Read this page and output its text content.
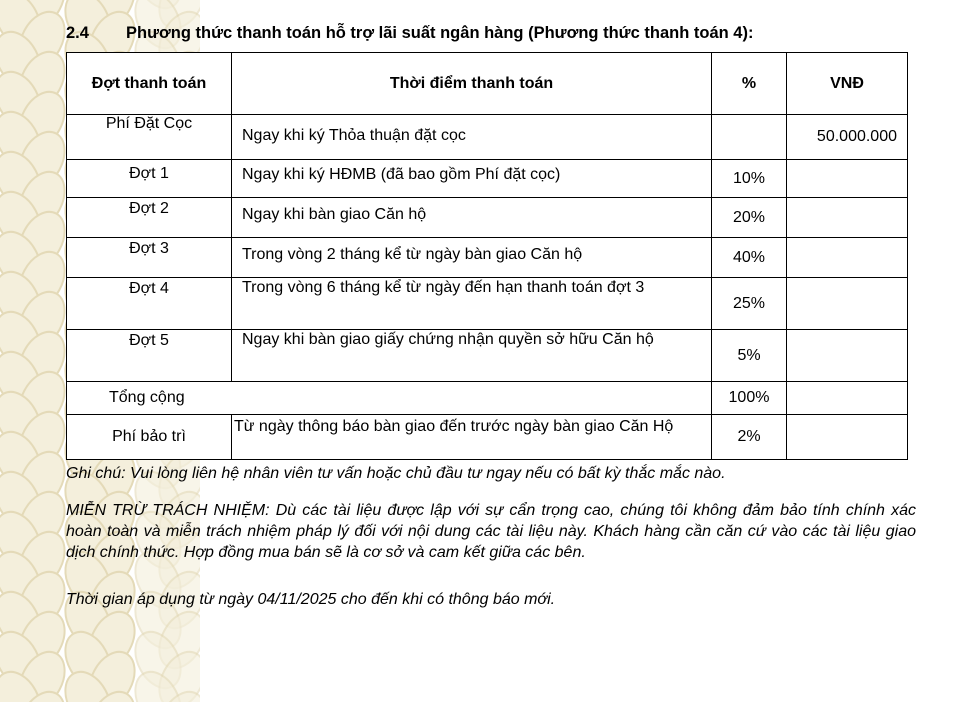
2.4 Phương thức thanh toán hỗ trợ lãi suất ngân hàng (Phương thức thanh toán 4):
Đợt thanh toán	Thời điểm thanh toán	%	VNĐ
Phí Đặt Cọc	Ngay khi ký Thỏa thuận đặt cọc		50.000.000
Đợt 1	Ngay khi ký HĐMB (đã bao gồm Phí đặt cọc)	10%	
Đợt 2	Ngay khi bàn giao Căn hộ	20%	
Đợt 3	Trong vòng 2 tháng kể từ ngày bàn giao Căn hộ	40%	
Đợt 4	Trong vòng 6 tháng kể từ ngày đến hạn thanh toán đợt 3	25%	
Đợt 5	Ngay khi bàn giao giấy chứng nhận quyền sở hữu Căn hộ	5%	
Tổng cộng		100%	
Phí bảo trì	Từ ngày thông báo bàn giao đến trước ngày bàn giao Căn Hộ	2%	

Ghi chú: Vui lòng liên hệ nhân viên tư vấn hoặc chủ đầu tư ngay nếu có bất kỳ thắc mắc nào.

MIỄN TRỪ TRÁCH NHIỆM: Dù các tài liệu được lập với sự cẩn trọng cao, chúng tôi không đảm bảo tính chính xác hoàn toàn và miễn trách nhiệm pháp lý đối với nội dung các tài liệu này. Khách hàng cần căn cứ vào các tài liệu giao dịch chính thức. Hợp đồng mua bán sẽ là cơ sở và cam kết giữa các bên.

Thời gian áp dụng từ ngày 04/11/2025 cho đến khi có thông báo mới.
